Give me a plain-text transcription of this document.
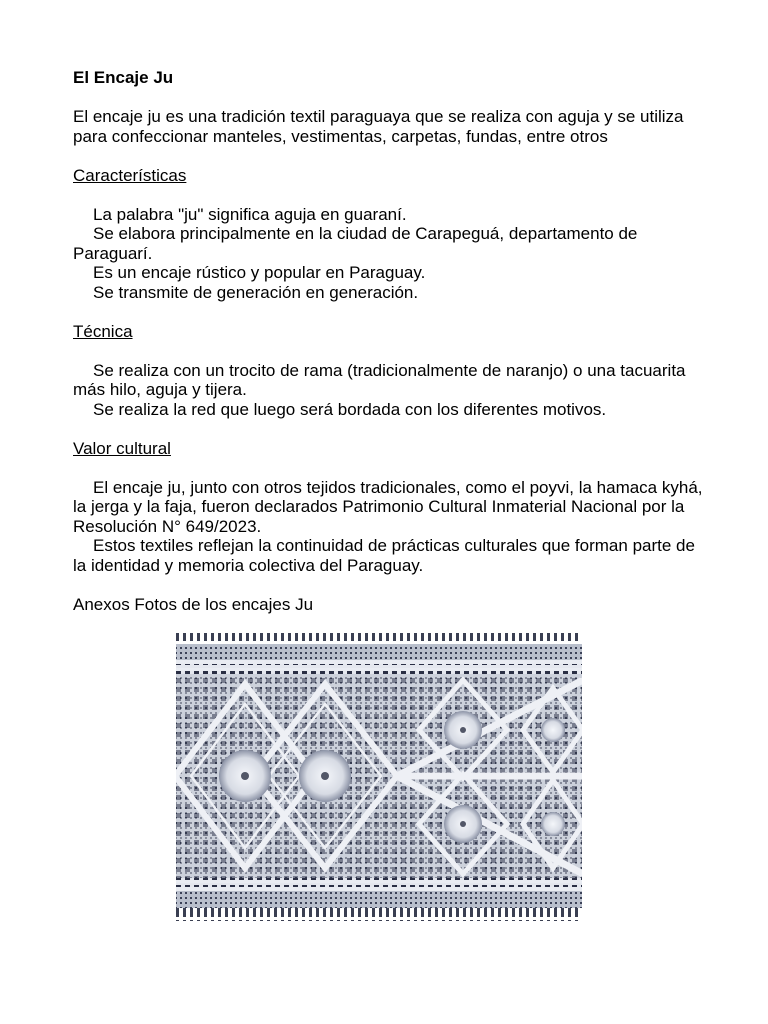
El Encaje Ju

El encaje ju es una tradición textil paraguaya que se realiza con aguja y se utiliza para confeccionar manteles, vestimentas, carpetas, fundas, entre otros

Características

La palabra "ju" significa aguja en guaraní.

Se elabora principalmente en la ciudad de Carapeguá, departamento de Paraguarí.

Es un encaje rústico y popular en Paraguay.

Se transmite de generación en generación.

Técnica

Se realiza con un trocito de rama (tradicionalmente de naranjo) o una tacuarita más hilo, aguja y tijera.

Se realiza la red que luego será bordada con los diferentes motivos.

Valor cultural

El encaje ju, junto con otros tejidos tradicionales, como el poyvi, la hamaca kyhá, la jerga y la faja, fueron declarados Patrimonio Cultural Inmaterial Nacional por la Resolución N° 649/2023.

Estos textiles reflejan la continuidad de prácticas culturales que forman parte de la identidad y memoria colectiva del Paraguay.

Anexos Fotos de los encajes Ju
